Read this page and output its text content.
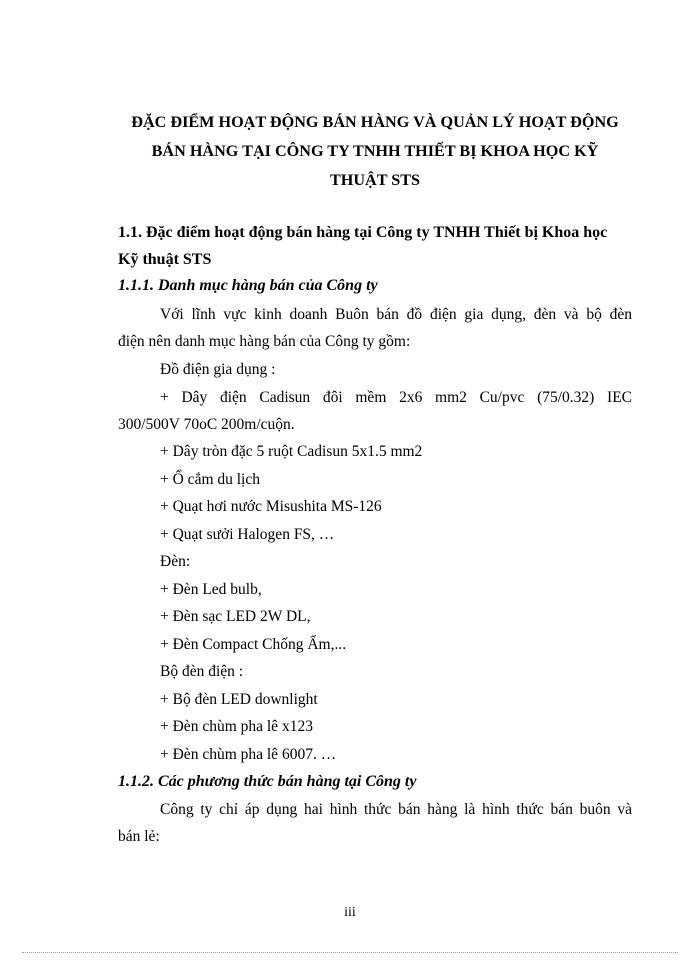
ĐẶC ĐIỂM HOẠT ĐỘNG BÁN HÀNG VÀ QUẢN LÝ HOẠT ĐỘNG
BÁN HÀNG TẠI CÔNG TY TNHH THIẾT BỊ KHOA HỌC KỸ
THUẬT STS
1.1. Đặc điểm hoạt động bán hàng tại Công ty TNHH Thiết bị Khoa học
Kỹ thuật STS
1.1.1. Danh mục hàng bán của Công ty
Với lĩnh vực kinh doanh Buôn bán đồ điện gia dụng, đèn và bộ đèn
điện nên danh mục hàng bán của Công ty gồm:
Đồ điện gia dụng :
+ Dây điện Cadisun đôi mềm 2x6 mm2 Cu/pvc (75/0.32) IEC
300/500V 70oC 200m/cuộn.
+ Dây tròn đặc 5 ruột Cadisun 5x1.5 mm2
+ Ổ cắm du lịch
+ Quạt hơi nước Misushita MS-126
+ Quạt sưởi Halogen FS, …
Đèn:
+ Đèn Led bulb,
+ Đèn sạc LED 2W DL,
+ Đèn Compact Chống Ẩm,...
Bộ đèn điện :
+ Bộ đèn LED downlight
+ Đèn chùm pha lê x123
+ Đèn chùm pha lê 6007. …
1.1.2. Các phương thức bán hàng tại Công ty
Công ty chỉ áp dụng hai hình thức bán hàng là hình thức bán buôn và
bán lẻ:
iii
